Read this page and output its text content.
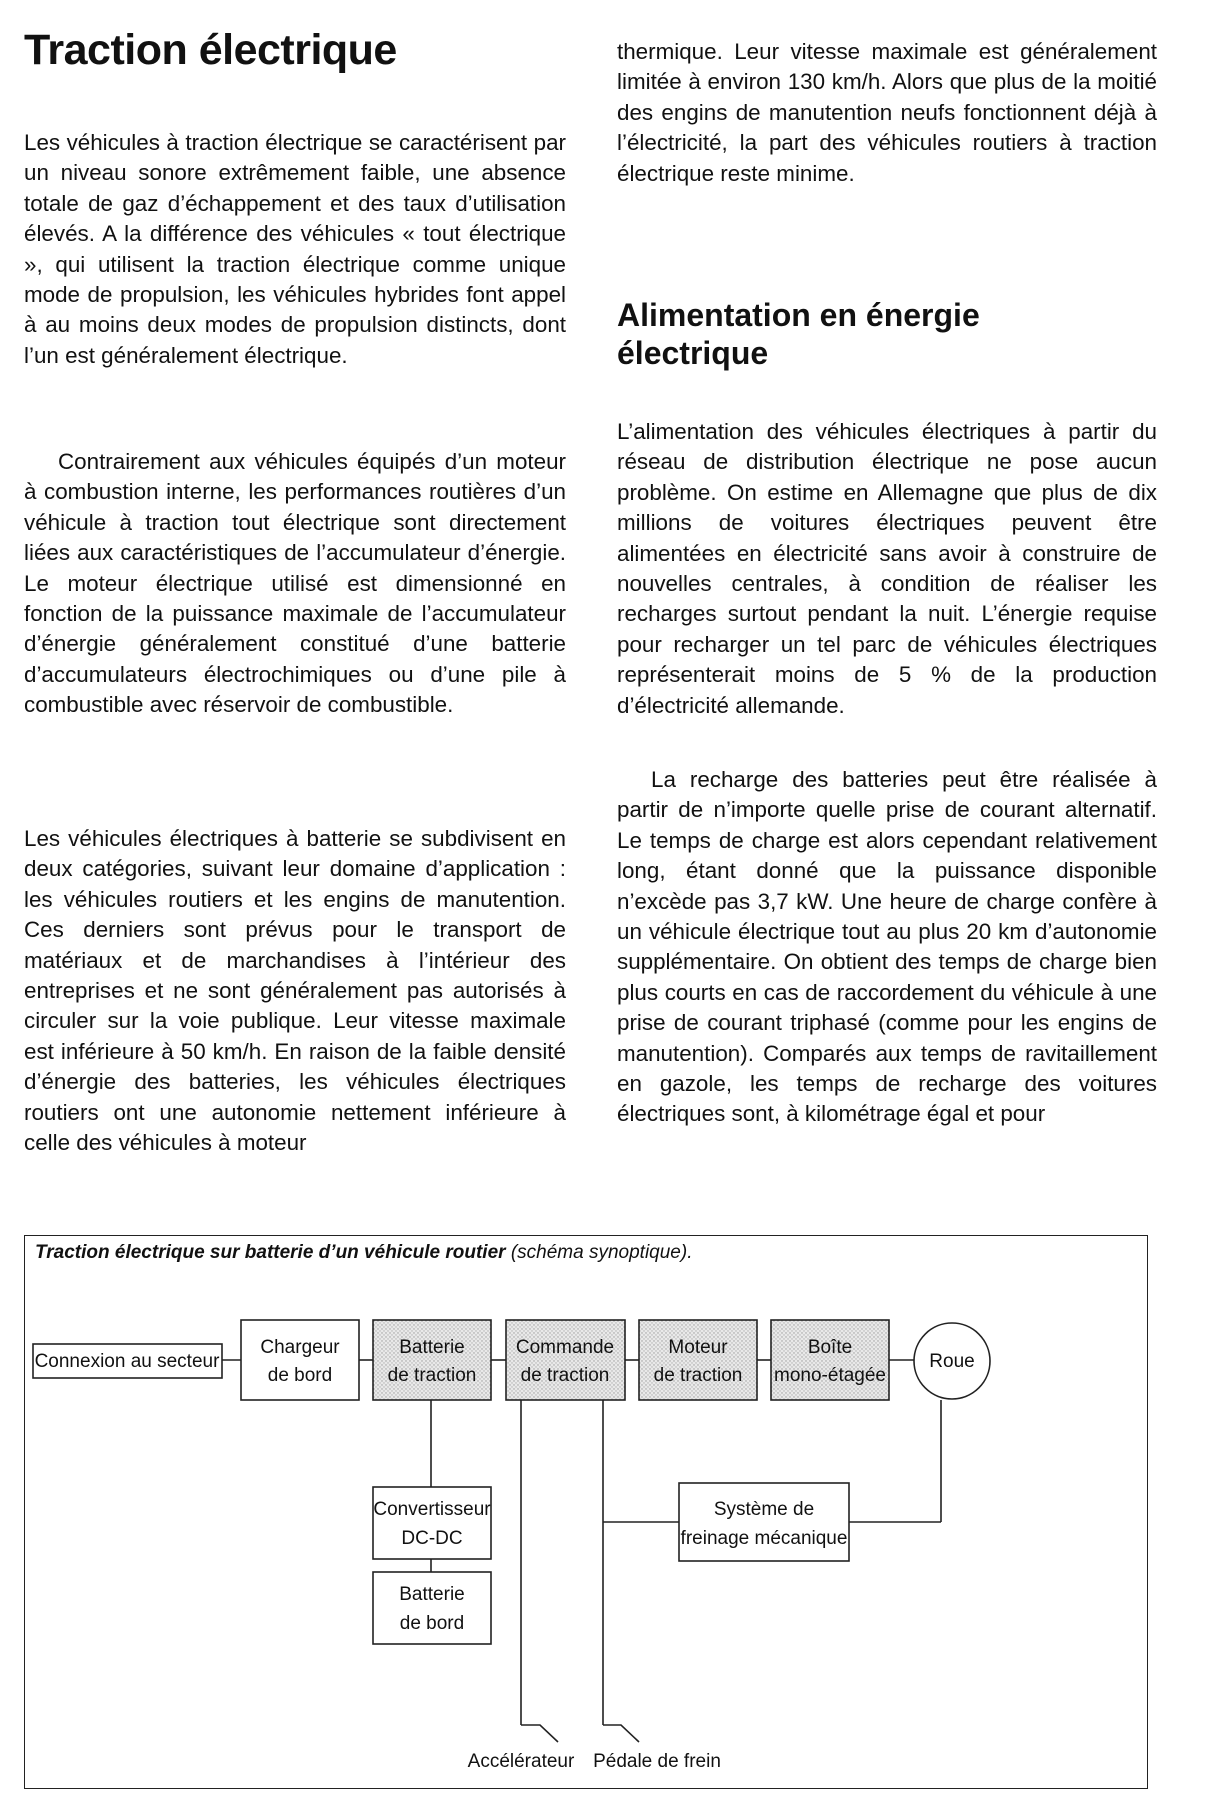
Traction électrique

Les véhicules à traction électrique se caractérisent par un niveau sonore extrêmement faible, une absence totale de gaz d’échappement et des taux d’utilisation élevés. A la différence des véhicules « tout électrique », qui utilisent la traction électrique comme unique mode de propulsion, les véhicules hybrides font appel à au moins deux modes de propulsion distincts, dont l’un est généralement électrique.

Contrairement aux véhicules équipés d’un moteur à combustion interne, les performances routières d’un véhicule à traction tout électrique sont directement liées aux caractéristiques de l’accumulateur d’énergie. Le moteur électrique utilisé est dimensionné en fonction de la puissance maximale de l’accumulateur d’énergie généralement constitué d’une batterie d’accumulateurs électrochimiques ou d’une pile à combustible avec réservoir de combustible.

Les véhicules électriques à batterie se subdivisent en deux catégories, suivant leur domaine d’application : les véhicules routiers et les engins de manutention. Ces derniers sont prévus pour le transport de matériaux et de marchandises à l’intérieur des entreprises et ne sont généralement pas autorisés à circuler sur la voie publique. Leur vitesse maximale est inférieure à 50 km/h. En raison de la faible densité d’énergie des batteries, les véhicules électriques routiers ont une autonomie nettement inférieure à celle des véhicules à moteur

thermique. Leur vitesse maximale est généralement limitée à environ 130 km/h. Alors que plus de la moitié des engins de manutention neufs fonctionnent déjà à l’électricité, la part des véhicules routiers à traction électrique reste minime.

Alimentation en énergie électrique

L’alimentation des véhicules électriques à partir du réseau de distribution électrique ne pose aucun problème. On estime en Allemagne que plus de dix millions de voitures électriques peuvent être alimentées en électricité sans avoir à construire de nouvelles centrales, à condition de réaliser les recharges surtout pendant la nuit. L’énergie requise pour recharger un tel parc de véhicules électriques représenterait moins de 5 % de la production d’électricité allemande.

La recharge des batteries peut être réalisée à partir de n’importe quelle prise de courant alternatif. Le temps de charge est alors cependant relativement long, étant donné que la puissance disponible n’excède pas 3,7 kW. Une heure de charge confère à un véhicule électrique tout au plus 20 km d’autonomie supplémentaire. On obtient des temps de charge bien plus courts en cas de raccordement du véhicule à une prise de courant triphasé (comme pour les engins de manutention). Comparés aux temps de ravitaillement en gazole, les temps de recharge des voitures électriques sont, à kilométrage égal et pour

Traction électrique sur batterie d’un véhicule routier (schéma synoptique).
Connexion au secteur
Chargeur
de bord
Batterie
de traction
Commande
de traction
Moteur
de traction
Boîte
mono-étagée
Roue
Convertisseur
DC-DC
Batterie
de bord
Système de
freinage mécanique
Accélérateur Pédale de frein
